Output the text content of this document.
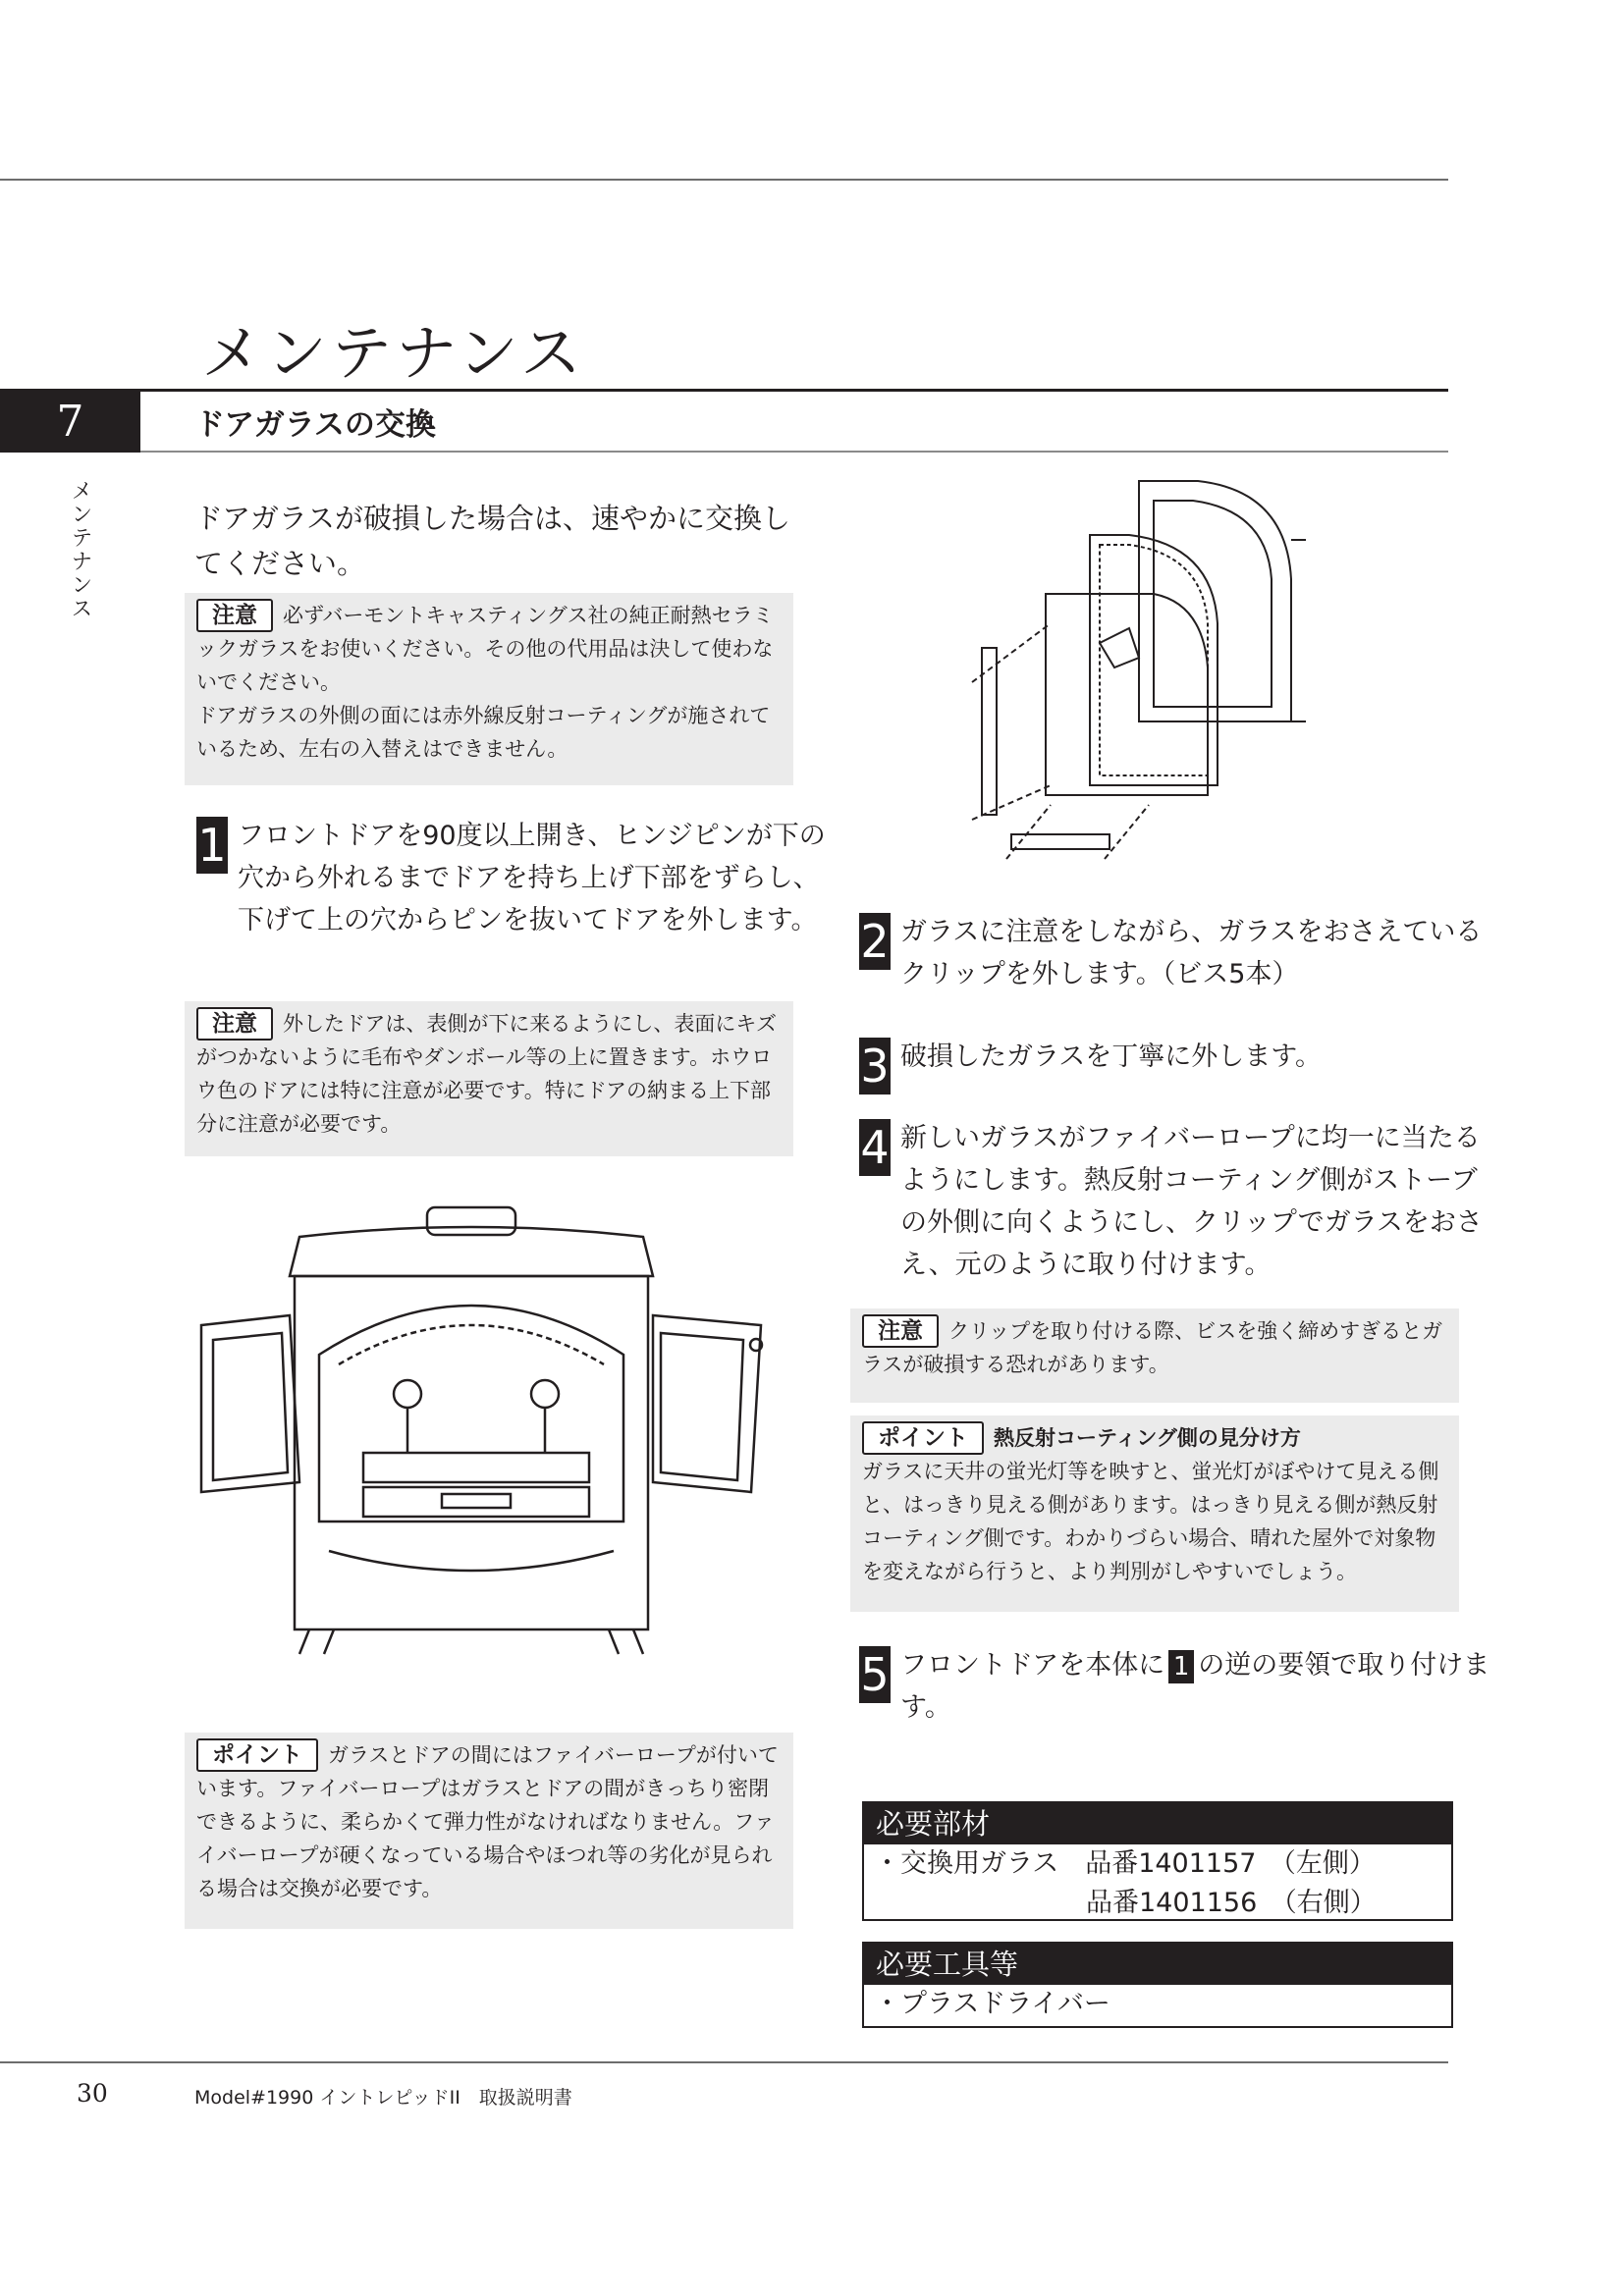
メンテナンス
7	ドアガラスの交換
メンテナンス	ドアガラスが破損した場合は、速やかに交換してください。
注意 必ずバーモントキャスティングス社の純正耐熱セラミックガラスをお使いください。その他の代用品は決して使わないでください。
ドアガラスの外側の面には赤外線反射コーティングが施されているため、左右の入替えはできません。
1 フロントドアを90度以上開き、ヒンジピンが下の穴から外れるまでドアを持ち上げ下部をずらし、下げて上の穴からピンを抜いてドアを外します。
注意 外したドアは、表側が下に来るようにし、表面にキズがつかないように毛布やダンボール等の上に置きます。ホウロウ色のドアには特に注意が必要です。特にドアの納まる上下部分に注意が必要です。
ポイント ガラスとドアの間にはファイバーロープが付いています。ファイバーロープはガラスとドアの間がきっちり密閉できるように、柔らかくて弾力性がなければなりません。ファイバーロープが硬くなっている場合やほつれ等の劣化が見られる場合は交換が必要です。
2 ガラスに注意をしながら、ガラスをおさえているクリップを外します。（ビス5本）
3 破損したガラスを丁寧に外します。
4 新しいガラスがファイバーロープに均一に当たるようにします。熱反射コーティング側がストーブの外側に向くようにし、クリップでガラスをおさえ、元のように取り付けます。
注意 クリップを取り付ける際、ビスを強く締めすぎるとガラスが破損する恐れがあります。
ポイント 熱反射コーティング側の見分け方
ガラスに天井の蛍光灯等を映すと、蛍光灯がぼやけて見える側と、はっきり見える側があります。はっきり見える側が熱反射コーティング側です。わかりづらい場合、晴れた屋外で対象物を変えながら行うと、より判別がしやすいでしょう。
5 フロントドアを本体に 1 の逆の要領で取り付けます。
必要部材
・交換用ガラス　品番1401157　（左側）
　　　　　　　　品番1401156　（右側）
必要工具等
・プラスドライバー
30	Model#1990 イントレピッドII　取扱説明書
